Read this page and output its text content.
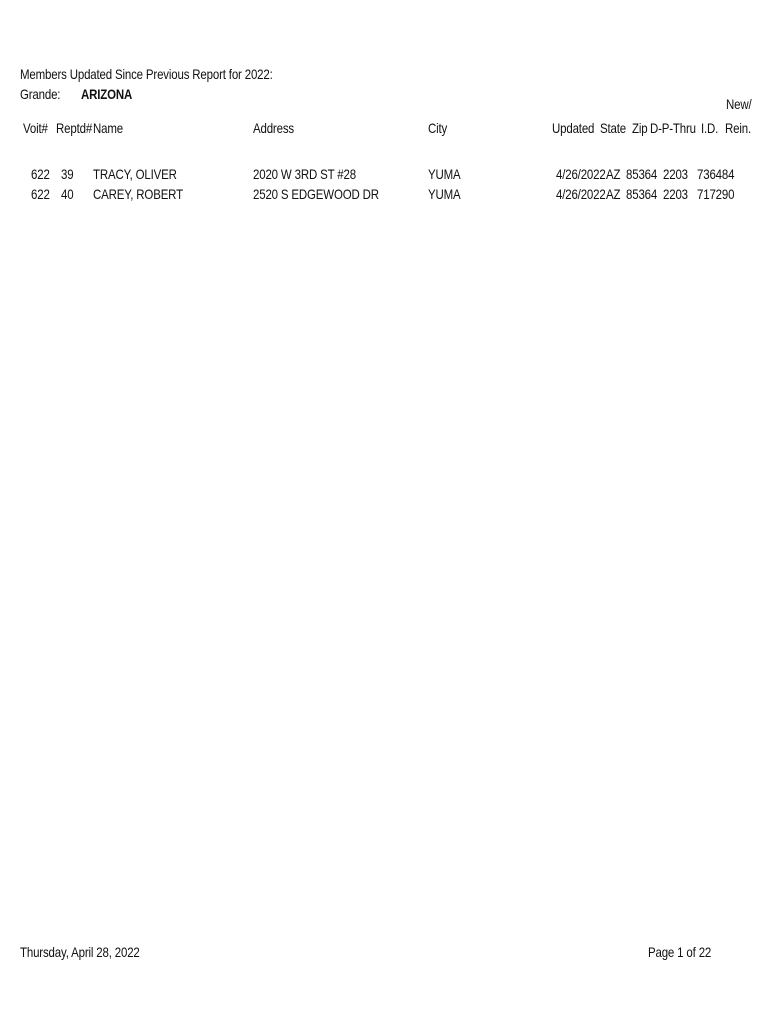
Members Updated Since Previous Report for 2022:
Grande: ARIZONA
New/
Voit# Reptd# Name	Address	City	Updated State Zip D-P-Thru I.D. Rein.
622 39 TRACY, OLIVER	2020 W 3RD ST #28	YUMA	4/26/2022 AZ 85364 2203 736484
622 40 CAREY, ROBERT	2520 S EDGEWOOD DR	YUMA	4/26/2022 AZ 85364 2203 717290
Thursday, April 28, 2022	Page 1 of 22
